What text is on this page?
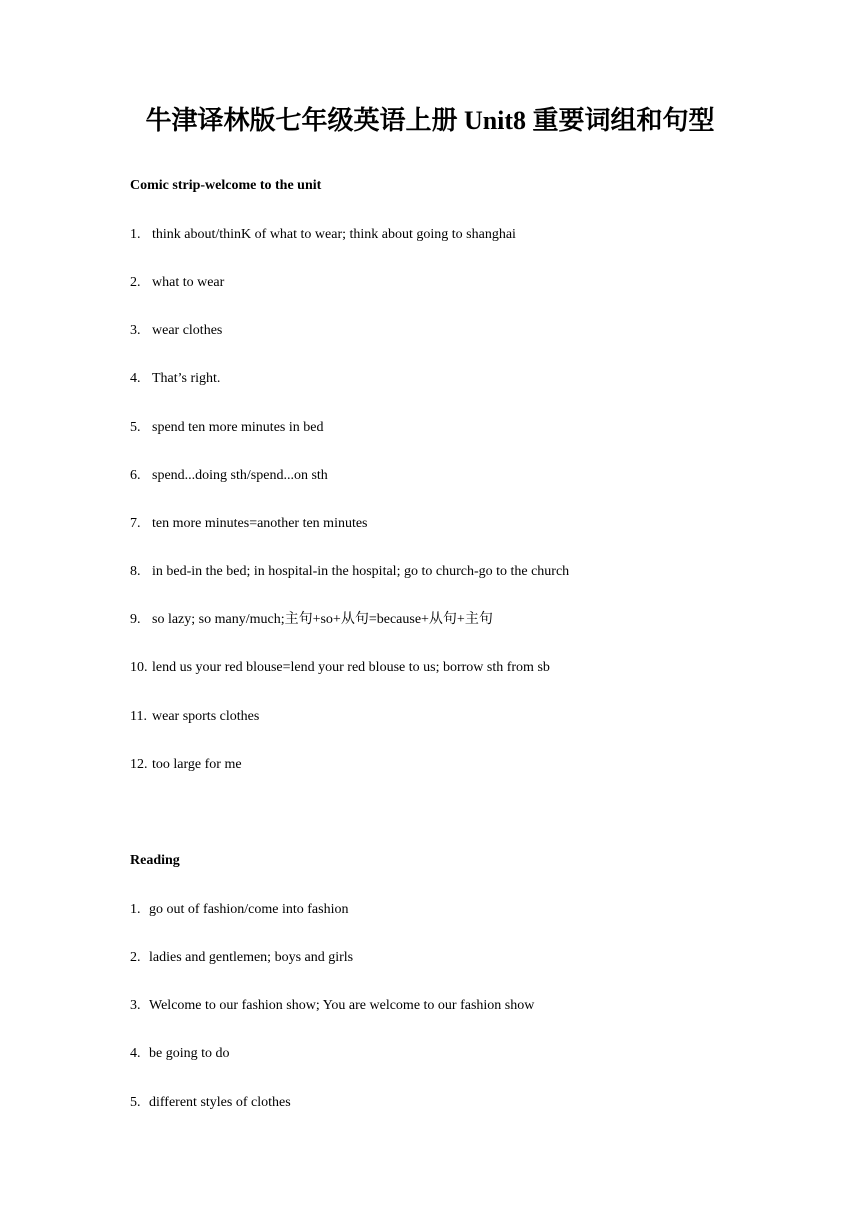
牛津译林版七年级英语上册 Unit8 重要词组和句型
Comic strip-welcome to the unit
1. think about/thinK of what to wear; think about going to shanghai
2. what to wear
3. wear clothes
4. That’s right.
5. spend ten more minutes in bed
6. spend...doing sth/spend...on sth
7. ten more minutes=another ten minutes
8. in bed-in the bed; in hospital-in the hospital; go to church-go to the church
9. so lazy; so many/much;主句+so+从句=because+从句+主句
10. lend us your red blouse=lend your red blouse to us; borrow sth from sb
11. wear sports clothes
12. too large for me
Reading
1. go out of fashion/come into fashion
2. ladies and gentlemen; boys and girls
3. Welcome to our fashion show; You are welcome to our fashion show
4. be going to do
5. different styles of clothes
